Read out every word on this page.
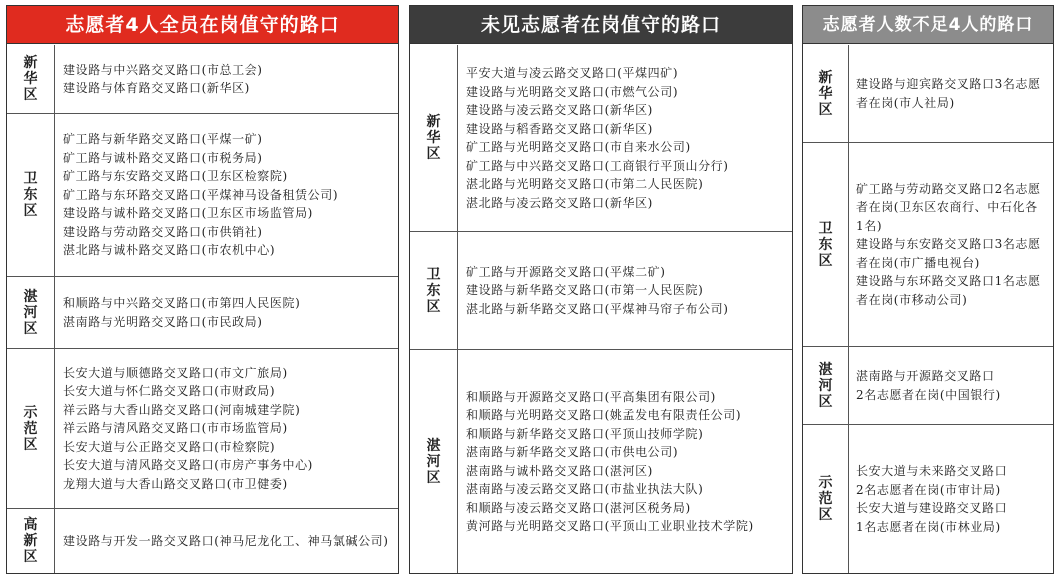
志愿者4人全员在岗值守的路口
新华区
建设路与中兴路交叉路口(市总工会)
建设路与体育路交叉路口(新华区)
卫东区
矿工路与新华路交叉路口(平煤一矿)
矿工路与诚朴路交叉路口(市税务局)
矿工路与东安路交叉路口(卫东区检察院)
矿工路与东环路交叉路口(平煤神马设备租赁公司)
建设路与诚朴路交叉路口(卫东区市场监管局)
建设路与劳动路交叉路口(市供销社)
湛北路与诚朴路交叉路口(市农机中心)
湛河区
和顺路与中兴路交叉路口(市第四人民医院)
湛南路与光明路交叉路口(市民政局)
示范区
长安大道与顺德路交叉路口(市文广旅局)
长安大道与怀仁路交叉路口(市财政局)
祥云路与大香山路交叉路口(河南城建学院)
祥云路与清风路交叉路口(市市场监管局)
长安大道与公正路交叉路口(市检察院)
长安大道与清风路交叉路口(市房产事务中心)
龙翔大道与大香山路交叉路口(市卫健委)
高新区
建设路与开发一路交叉路口(神马尼龙化工、神马氯碱公司)
未见志愿者在岗值守的路口
新华区
平安大道与凌云路交叉路口(平煤四矿)
建设路与光明路交叉路口(市燃气公司)
建设路与凌云路交叉路口(新华区)
建设路与稻香路交叉路口(新华区)
矿工路与光明路交叉路口(市自来水公司)
矿工路与中兴路交叉路口(工商银行平顶山分行)
湛北路与光明路交叉路口(市第二人民医院)
湛北路与凌云路交叉路口(新华区)
卫东区
矿工路与开源路交叉路口(平煤二矿)
建设路与新华路交叉路口(市第一人民医院)
湛北路与新华路交叉路口(平煤神马帘子布公司)
湛河区
和顺路与开源路交叉路口(平高集团有限公司)
和顺路与光明路交叉路口(姚孟发电有限责任公司)
和顺路与新华路交叉路口(平顶山技师学院)
湛南路与新华路交叉路口(市供电公司)
湛南路与诚朴路交叉路口(湛河区)
湛南路与凌云路交叉路口(市盐业执法大队)
和顺路与凌云路交叉路口(湛河区税务局)
黄河路与光明路交叉路口(平顶山工业职业技术学院)
志愿者人数不足4人的路口
新华区
建设路与迎宾路交叉路口3名志愿者在岗(市人社局)
卫东区
矿工路与劳动路交叉路口2名志愿者在岗(卫东区农商行、中石化各1名)
建设路与东安路交叉路口3名志愿者在岗(市广播电视台)
建设路与东环路交叉路口1名志愿者在岗(市移动公司)
湛河区
湛南路与开源路交叉路口
2名志愿者在岗(中国银行)
示范区
长安大道与未来路交叉路口
2名志愿者在岗(市审计局)
长安大道与建设路交叉路口
1名志愿者在岗(市林业局)
